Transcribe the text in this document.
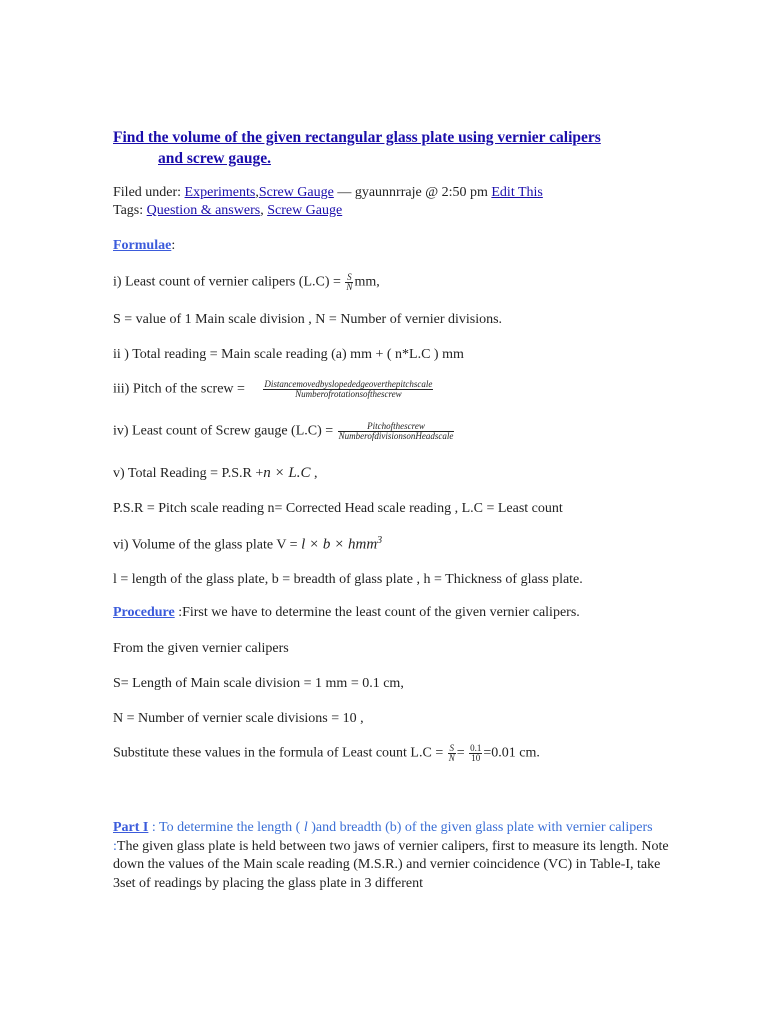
Find the volume of the given rectangular glass plate using vernier calipers
and screw gauge.
Filed under: Experiments,Screw Gauge — gyaunnrraje @ 2:50 pm Edit This
Tags: Question & answers, Screw Gauge
Formulae:
i) Least count of vernier calipers $(L.C) = \frac{S}{N}$ mm,
S = value of 1 Main scale division , N = Number of vernier divisions.
ii ) Total reading = Main scale reading (a) mm + ( n*L.C ) mm
iii) Pitch of the screw = $\frac{\text{Distancemovedbyslopededgeoverthepitchscale}}{\text{Numberofrotationsofthescrew}}$
iv) Least count of Screw gauge $(L.C) = \frac{\text{Pitchofthescrew}}{\text{NumberofdivisionsonHeadscale}}$
v) Total Reading = P.S.R +n × L.C ,
P.S.R = Pitch scale reading n= Corrected Head scale reading , L.C = Least count
vi) Volume of the glass plate V = l × b × hmm$^3$
l = length of the glass plate, b = breadth of glass plate , h = Thickness of glass plate.
Procedure :First we have to determine the least count of the given vernier calipers.
From the given vernier calipers
S= Length of Main scale division = 1 mm = 0.1 cm,
N = Number of vernier scale divisions = 10 ,
Substitute these values in the formula of Least count $L.C = \frac{S}{N} = \frac{0.1}{10} =0.01$ cm.
Part I : To determine the length ( l )and breadth (b) of the given glass plate with vernier calipers :The given glass plate is held between two jaws of vernier calipers, first to measure its length. Note down the values of the Main scale reading (M.S.R.) and vernier coincidence (VC) in Table-I, take 3set of readings by placing the glass plate in 3 different
